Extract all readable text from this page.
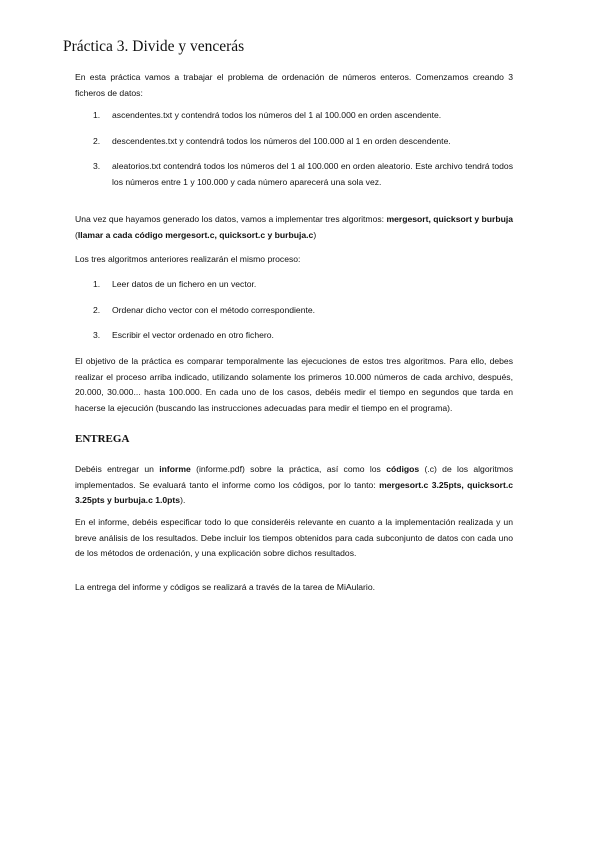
Práctica 3. Divide y vencerás

En esta práctica vamos a trabajar el problema de ordenación de números enteros. Comenzamos creando 3 ficheros de datos:

1.	ascendentes.txt y contendrá todos los números del 1 al 100.000 en orden ascendente.
2.	descendentes.txt y contendrá todos los números del 100.000 al 1 en orden descendente.
3.	aleatorios.txt contendrá todos los números del 1 al 100.000 en orden aleatorio. Este archivo tendrá todos los números entre 1 y 100.000 y cada número aparecerá una sola vez.

Una vez que hayamos generado los datos, vamos a implementar tres algoritmos: mergesort, quicksort y burbuja (llamar a cada código mergesort.c, quicksort.c y burbuja.c)

Los tres algoritmos anteriores realizarán el mismo proceso:

1.	Leer datos de un fichero en un vector.
2.	Ordenar dicho vector con el método correspondiente.
3.	Escribir el vector ordenado en otro fichero.

El objetivo de la práctica es comparar temporalmente las ejecuciones de estos tres algoritmos. Para ello, debes realizar el proceso arriba indicado, utilizando solamente los primeros 10.000 números de cada archivo, después, 20.000, 30.000... hasta 100.000. En cada uno de los casos, debéis medir el tiempo en segundos que tarda en hacerse la ejecución (buscando las instrucciones adecuadas para medir el tiempo en el programa).

ENTREGA

Debéis entregar un informe (informe.pdf) sobre la práctica, así como los códigos (.c) de los algoritmos implementados. Se evaluará tanto el informe como los códigos, por lo tanto: mergesort.c 3.25pts, quicksort.c 3.25pts y burbuja.c 1.0pts).

En el informe, debéis especificar todo lo que consideréis relevante en cuanto a la implementación realizada y un breve análisis de los resultados. Debe incluir los tiempos obtenidos para cada subconjunto de datos con cada uno de los métodos de ordenación, y una explicación sobre dichos resultados.

La entrega del informe y códigos se realizará a través de la tarea de MiAulario.
